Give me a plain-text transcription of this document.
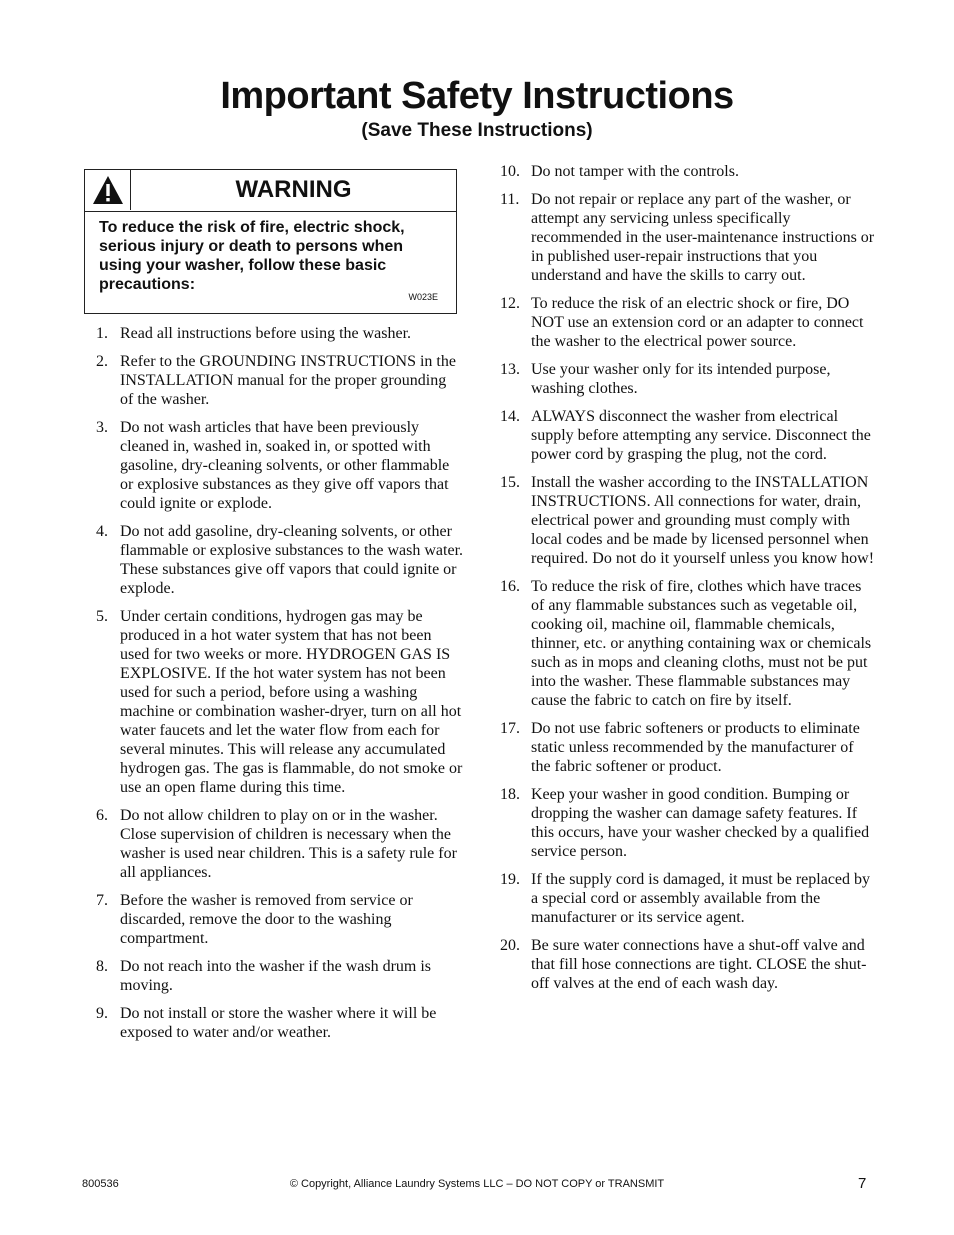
Important Safety Instructions
(Save These Instructions)
WARNING

To reduce the risk of fire, electric shock, serious injury or death to persons when using your washer, follow these basic precautions:

W023E
1. Read all instructions before using the washer.
2. Refer to the GROUNDING INSTRUCTIONS in the INSTALLATION manual for the proper grounding of the washer.
3. Do not wash articles that have been previously cleaned in, washed in, soaked in, or spotted with gasoline, dry-cleaning solvents, or other flammable or explosive substances as they give off vapors that could ignite or explode.
4. Do not add gasoline, dry-cleaning solvents, or other flammable or explosive substances to the wash water. These substances give off vapors that could ignite or explode.
5. Under certain conditions, hydrogen gas may be produced in a hot water system that has not been used for two weeks or more. HYDROGEN GAS IS EXPLOSIVE. If the hot water system has not been used for such a period, before using a washing machine or combination washer-dryer, turn on all hot water faucets and let the water flow from each for several minutes. This will release any accumulated hydrogen gas. The gas is flammable, do not smoke or use an open flame during this time.
6. Do not allow children to play on or in the washer. Close supervision of children is necessary when the washer is used near children. This is a safety rule for all appliances.
7. Before the washer is removed from service or discarded, remove the door to the washing compartment.
8. Do not reach into the washer if the wash drum is moving.
9. Do not install or store the washer where it will be exposed to water and/or weather.
10. Do not tamper with the controls.
11. Do not repair or replace any part of the washer, or attempt any servicing unless specifically recommended in the user-maintenance instructions or in published user-repair instructions that you understand and have the skills to carry out.
12. To reduce the risk of an electric shock or fire, DO NOT use an extension cord or an adapter to connect the washer to the electrical power source.
13. Use your washer only for its intended purpose, washing clothes.
14. ALWAYS disconnect the washer from electrical supply before attempting any service. Disconnect the power cord by grasping the plug, not the cord.
15. Install the washer according to the INSTALLATION INSTRUCTIONS. All connections for water, drain, electrical power and grounding must comply with local codes and be made by licensed personnel when required. Do not do it yourself unless you know how!
16. To reduce the risk of fire, clothes which have traces of any flammable substances such as vegetable oil, cooking oil, machine oil, flammable chemicals, thinner, etc. or anything containing wax or chemicals such as in mops and cleaning cloths, must not be put into the washer. These flammable substances may cause the fabric to catch on fire by itself.
17. Do not use fabric softeners or products to eliminate static unless recommended by the manufacturer of the fabric softener or product.
18. Keep your washer in good condition. Bumping or dropping the washer can damage safety features. If this occurs, have your washer checked by a qualified service person.
19. If the supply cord is damaged, it must be replaced by a special cord or assembly available from the manufacturer or its service agent.
20. Be sure water connections have a shut-off valve and that fill hose connections are tight. CLOSE the shut-off valves at the end of each wash day.
800536	© Copyright, Alliance Laundry Systems LLC – DO NOT COPY or TRANSMIT	7
